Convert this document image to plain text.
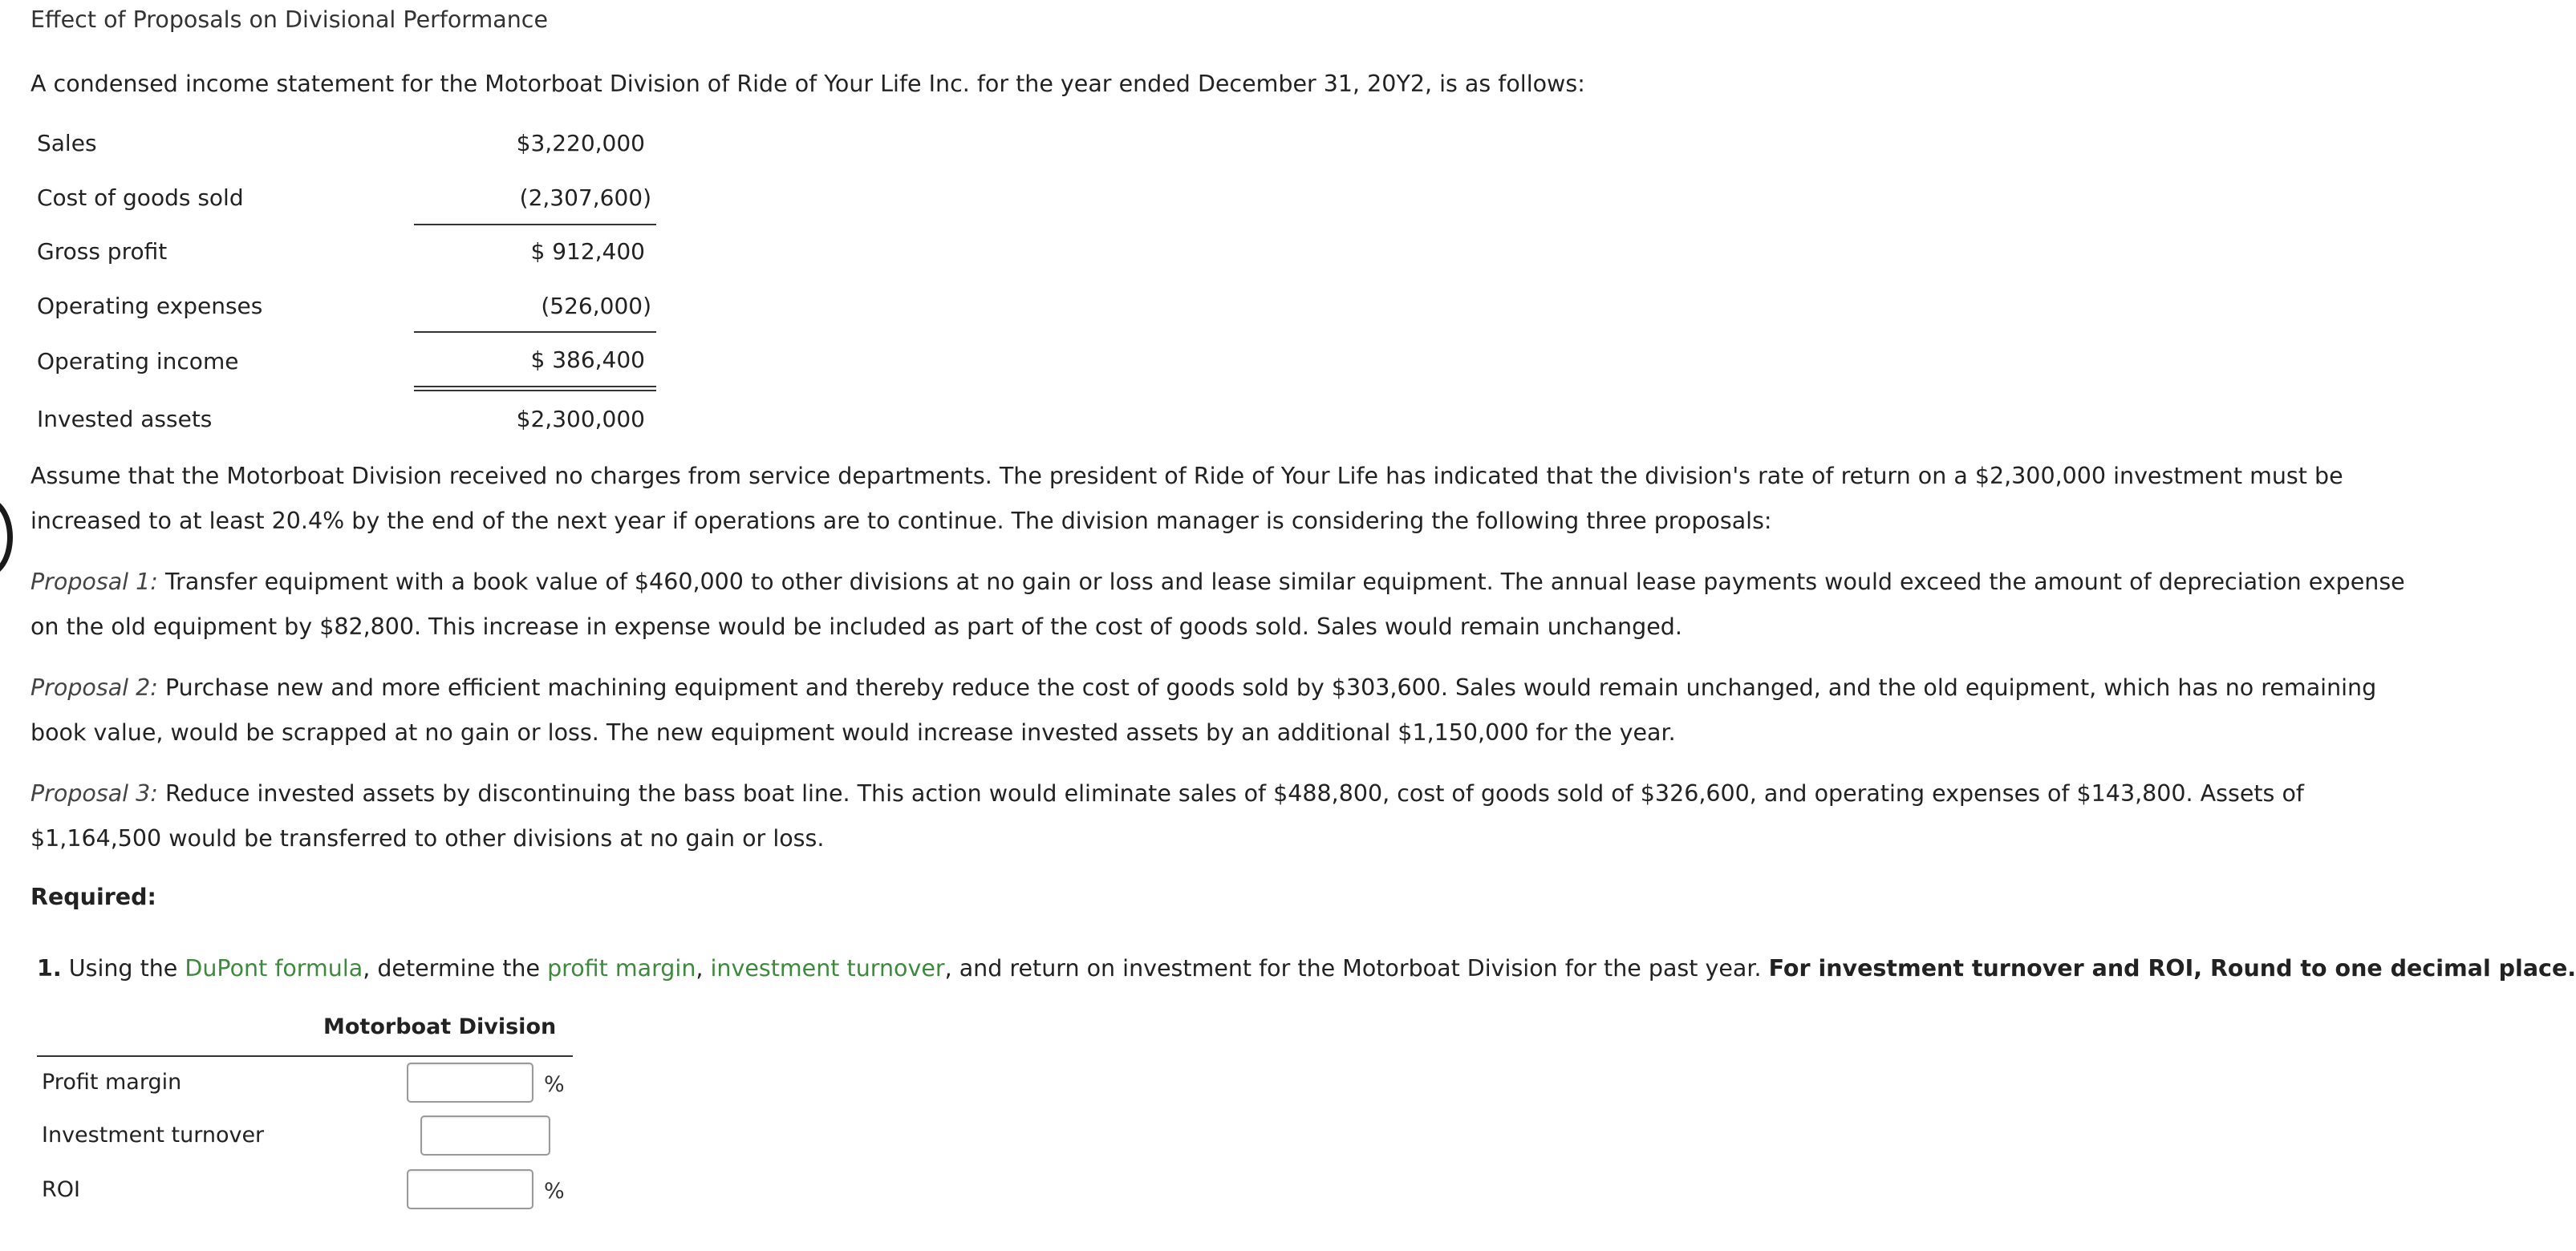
Effect of Proposals on Divisional Performance
A condensed income statement for the Motorboat Division of Ride of Your Life Inc. for the year ended December 31, 20Y2, is as follows:
Sales	$3,220,000
Cost of goods sold	(2,307,600)
Gross profit	$ 912,400
Operating expenses	(526,000)
Operating income	$ 386,400
Invested assets	$2,300,000
Assume that the Motorboat Division received no charges from service departments. The president of Ride of Your Life has indicated that the division's rate of return on a $2,300,000 investment must be increased to at least 20.4% by the end of the next year if operations are to continue. The division manager is considering the following three proposals:
Proposal 1: Transfer equipment with a book value of $460,000 to other divisions at no gain or loss and lease similar equipment. The annual lease payments would exceed the amount of depreciation expense on the old equipment by $82,800. This increase in expense would be included as part of the cost of goods sold. Sales would remain unchanged.
Proposal 2: Purchase new and more efficient machining equipment and thereby reduce the cost of goods sold by $303,600. Sales would remain unchanged, and the old equipment, which has no remaining book value, would be scrapped at no gain or loss. The new equipment would increase invested assets by an additional $1,150,000 for the year.
Proposal 3: Reduce invested assets by discontinuing the bass boat line. This action would eliminate sales of $488,800, cost of goods sold of $326,600, and operating expenses of $143,800. Assets of $1,164,500 would be transferred to other divisions at no gain or loss.
Required:
1. Using the DuPont formula, determine the profit margin, investment turnover, and return on investment for the Motorboat Division for the past year. For investment turnover and ROI, Round to one decimal place.
Motorboat Division
Profit margin	%
Investment turnover
ROI	%
